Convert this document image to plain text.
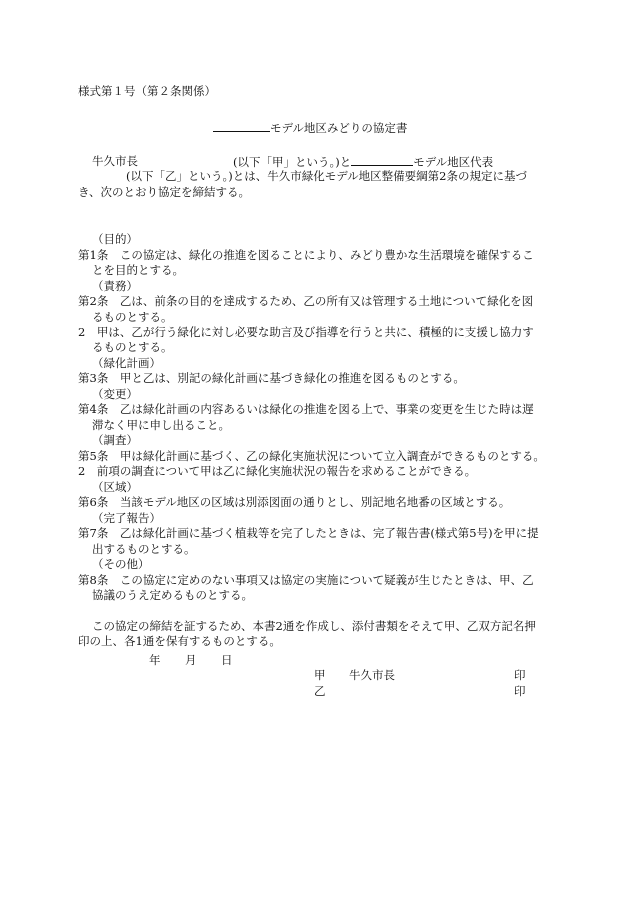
様式第１号（第２条関係）
モデル地区みどりの協定書
牛久市長	(以下「甲」という。)と	モデル地区代表
(以下「乙」という。)とは、牛久市緑化モデル地区整備要綱第2条の規定に基づ
き、次のとおり協定を締結する。
（目的）
第1条　この協定は、緑化の推進を図ることにより、みどり豊かな生活環境を確保するこ
とを目的とする。
（責務）
第2条　乙は、前条の目的を達成するため、乙の所有又は管理する土地について緑化を図
るものとする。
2　甲は、乙が行う緑化に対し必要な助言及び指導を行うと共に、積極的に支援し協力す
るものとする。
（緑化計画）
第3条　甲と乙は、別記の緑化計画に基づき緑化の推進を図るものとする。
（変更）
第4条　乙は緑化計画の内容あるいは緑化の推進を図る上で、事業の変更を生じた時は遅
滞なく甲に申し出ること。
（調査）
第5条　甲は緑化計画に基づく、乙の緑化実施状況について立入調査ができるものとする。
2　前項の調査について甲は乙に緑化実施状況の報告を求めることができる。
（区域）
第6条　当該モデル地区の区域は別添図面の通りとし、別記地名地番の区域とする。
（完了報告）
第7条　乙は緑化計画に基づく植栽等を完了したときは、完了報告書(様式第5号)を甲に提
出するものとする。
（その他）
第8条　この協定に定めのない事項又は協定の実施について疑義が生じたときは、甲、乙
協議のうえ定めるものとする。
この協定の締結を証するため、本書2通を作成し、添付書類をそえて甲、乙双方記名押
印の上、各1通を保有するものとする。
年 月 日
甲 牛久市長	印
乙	印
